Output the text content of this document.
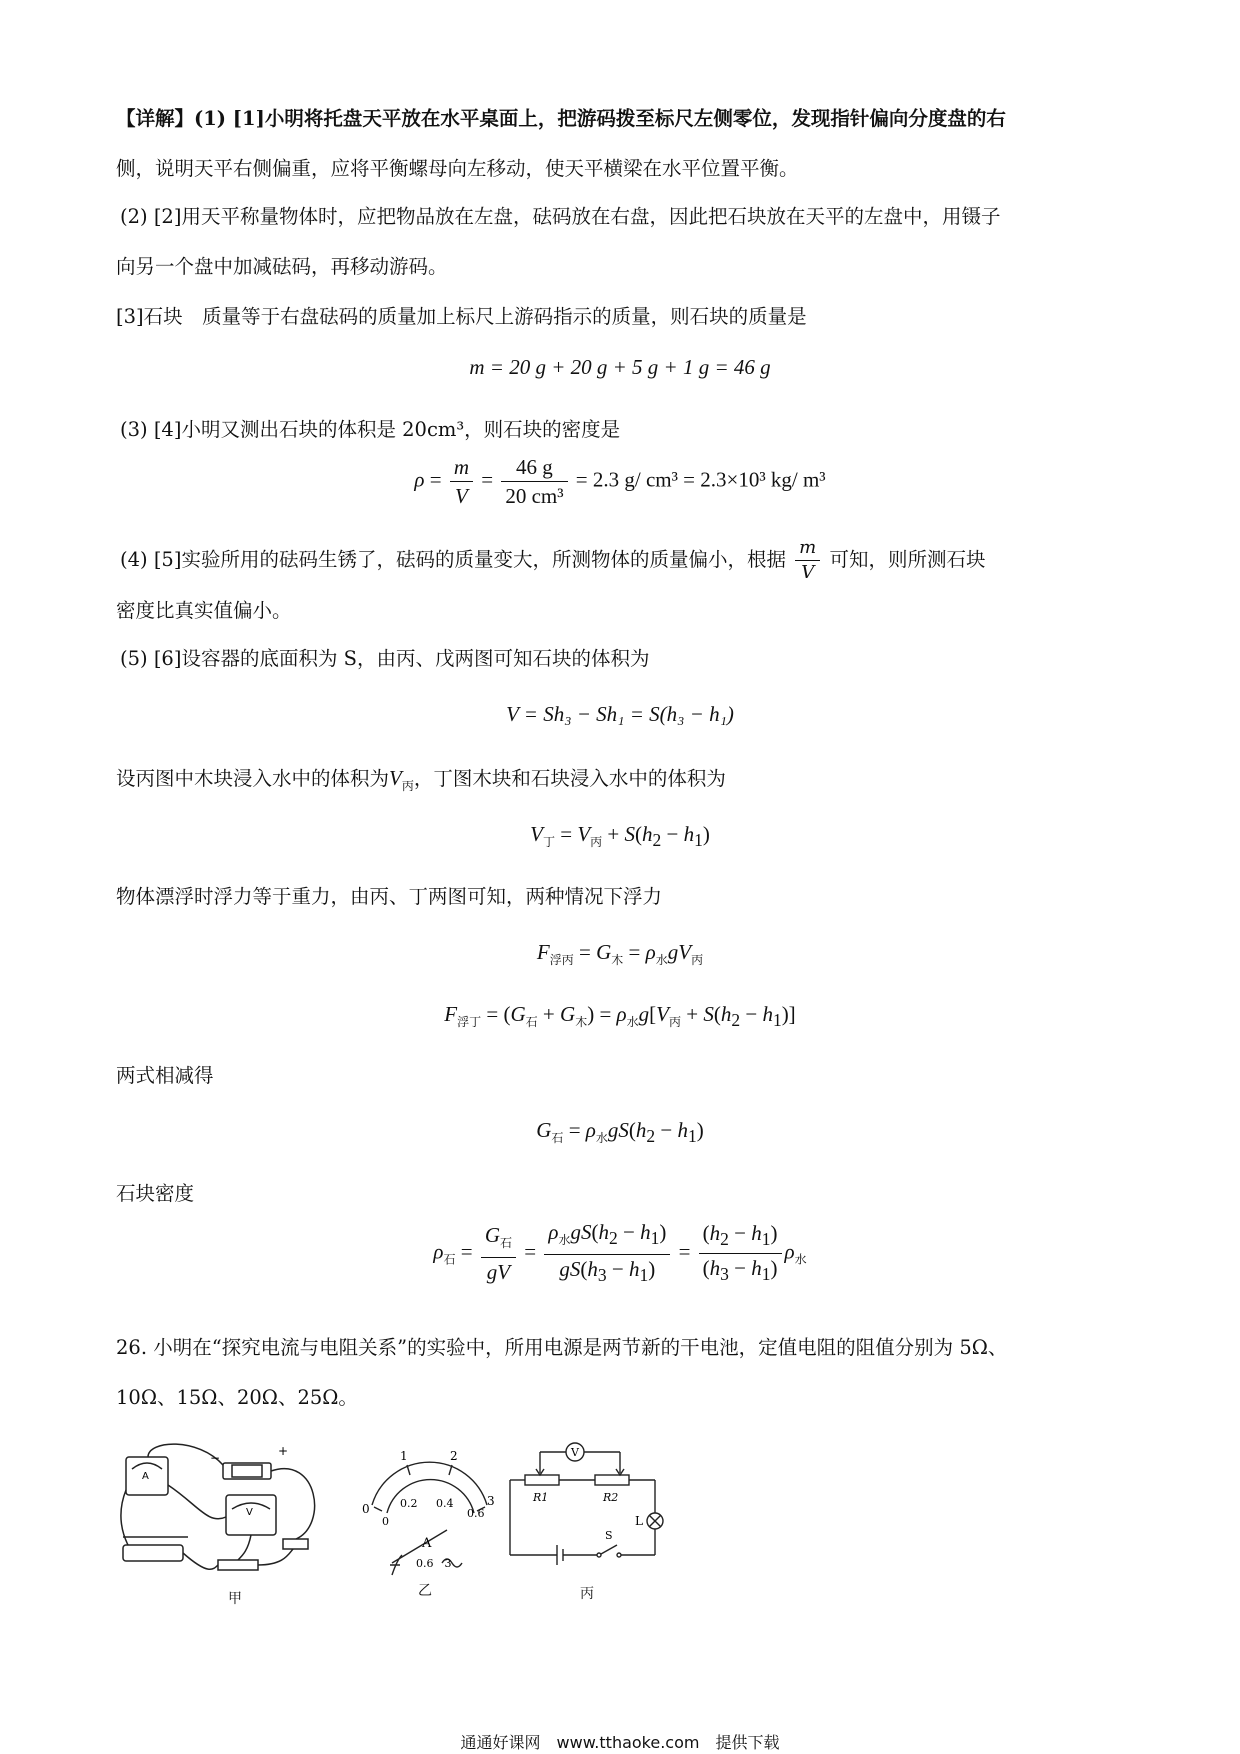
【详解】(1) [1]小明将托盘天平放在水平桌面上，把游码拨至标尺左侧零位，发现指针偏向分度盘的右
侧，说明天平右侧偏重，应将平衡螺母向左移动，使天平横梁在水平位置平衡。
(2) [2]用天平称量物体时，应把物品放在左盘，砝码放在右盘，因此把石块放在天平的左盘中，用镊子
向另一个盘中加减砝码，再移动游码。
[3]石块　质量等于右盘砝码的质量加上标尺上游码指示的质量，则石块的质量是
m = 20 g + 20 g + 5 g + 1 g = 46 g
(3) [4]小明又测出石块的体积是 20cm³，则石块的密度是
$\rho = \frac{m}{V} = \frac{46 g}{\text{20 cm³}} = 2.3$ g/ cm³ = 2.3×10³ kg/ m³
(4) [5]实验所用的砝码生锈了，砝码的质量变大，所测物体的质量偏小，根据 $\frac{m}{V}$ 可知，则所测石块
密度比真实值偏小。
(5) [6]设容器的底面积为 S，由丙、戊两图可知石块的体积为
V = Sh₃ − Sh₁ = S(h₃ − h₁)
设丙图中木块浸入水中的体积为$V_丙$，丁图木块和石块浸入水中的体积为
$V_丁 = V_丙 + S(h_2 - h_1)$
物体漂浮时浮力等于重力，由丙、丁两图可知，两种情况下浮力
$F_{浮丙} = G_木 = \rho_水gV_丙$
$F_{浮丁} = (G_石 + G_木) = \rho_水g[V_丙 + S(h_2 - h_1)]$
两式相减得
$G_石 = \rho_水gS(h_2 - h_1)$
石块密度
$\rho_石 = \frac{G_石}{gV} = \frac{\rho_水gS(h_2 - h_1)}{gS(h_3 - h_1)} = \frac{(h_2 - h_1)}{(h_3 - h_1)} \rho_水$
26. 小明在“探究电流与电阻关系”的实验中，所用电源是两节新的干电池，定值电阻的阻值分别为 5Ω、
10Ω、15Ω、20Ω、25Ω。
A
V
−	+
甲
0
1	2
3
0.2 0.4
0.6
0
A
0.6　3
乙
V
R1	R2
L
S
丙
通通好课网　www.tthaoke.com　提供下载
